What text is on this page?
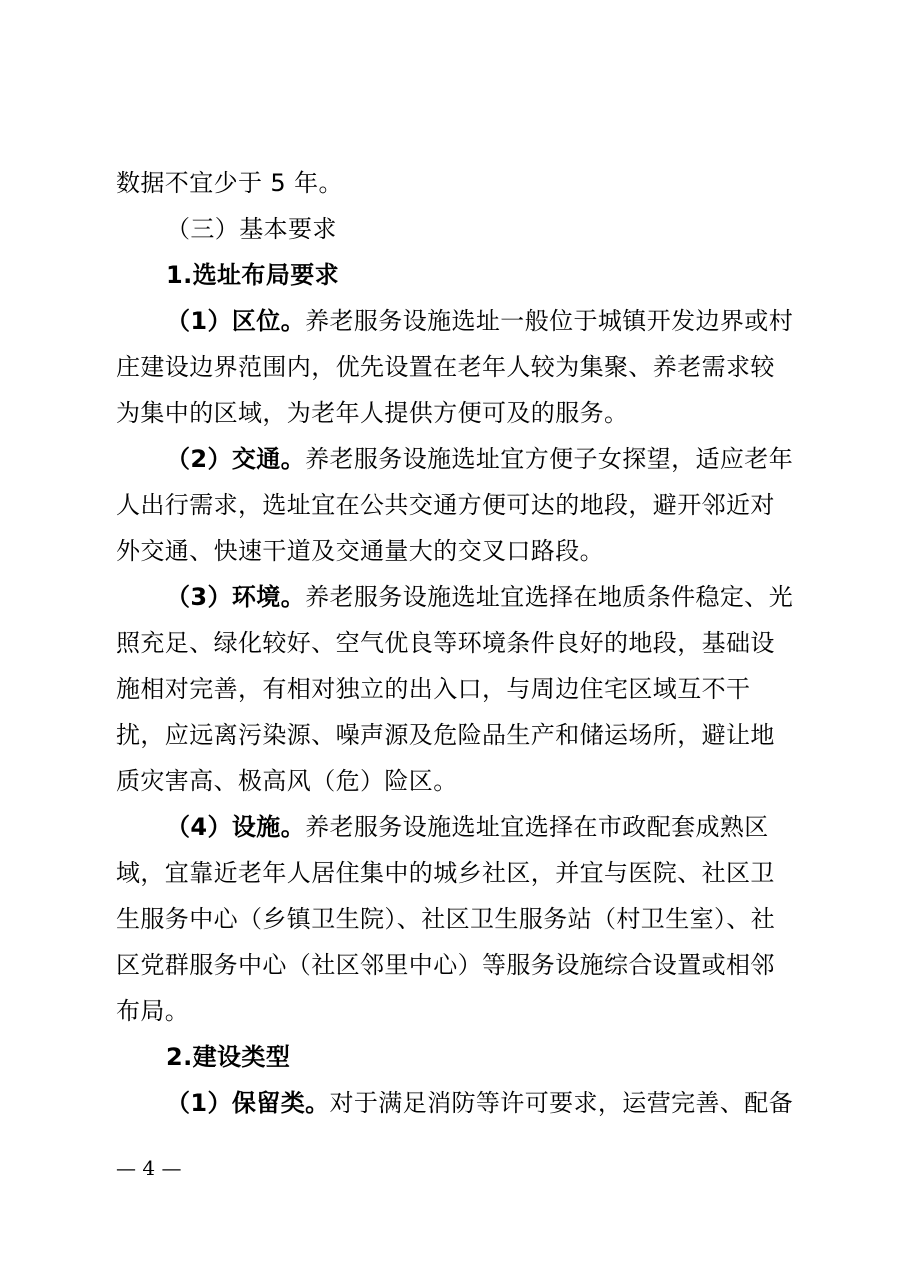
数据不宜少于 5 年。
（三）基本要求
1.选址布局要求
（1）区位。养老服务设施选址一般位于城镇开发边界或村
庄建设边界范围内，优先设置在老年人较为集聚、养老需求较
为集中的区域，为老年人提供方便可及的服务。
（2）交通。养老服务设施选址宜方便子女探望，适应老年
人出行需求，选址宜在公共交通方便可达的地段，避开邻近对
外交通、快速干道及交通量大的交叉口路段。
（3）环境。养老服务设施选址宜选择在地质条件稳定、光
照充足、绿化较好、空气优良等环境条件良好的地段，基础设
施相对完善，有相对独立的出入口，与周边住宅区域互不干
扰，应远离污染源、噪声源及危险品生产和储运场所，避让地
质灾害高、极高风（危）险区。
（4）设施。养老服务设施选址宜选择在市政配套成熟区
域，宜靠近老年人居住集中的城乡社区，并宜与医院、社区卫
生服务中心（乡镇卫生院）、社区卫生服务站（村卫生室）、社
区党群服务中心（社区邻里中心）等服务设施综合设置或相邻
布局。
2.建设类型
（1）保留类。对于满足消防等许可要求，运营完善、配备
— 4 —
